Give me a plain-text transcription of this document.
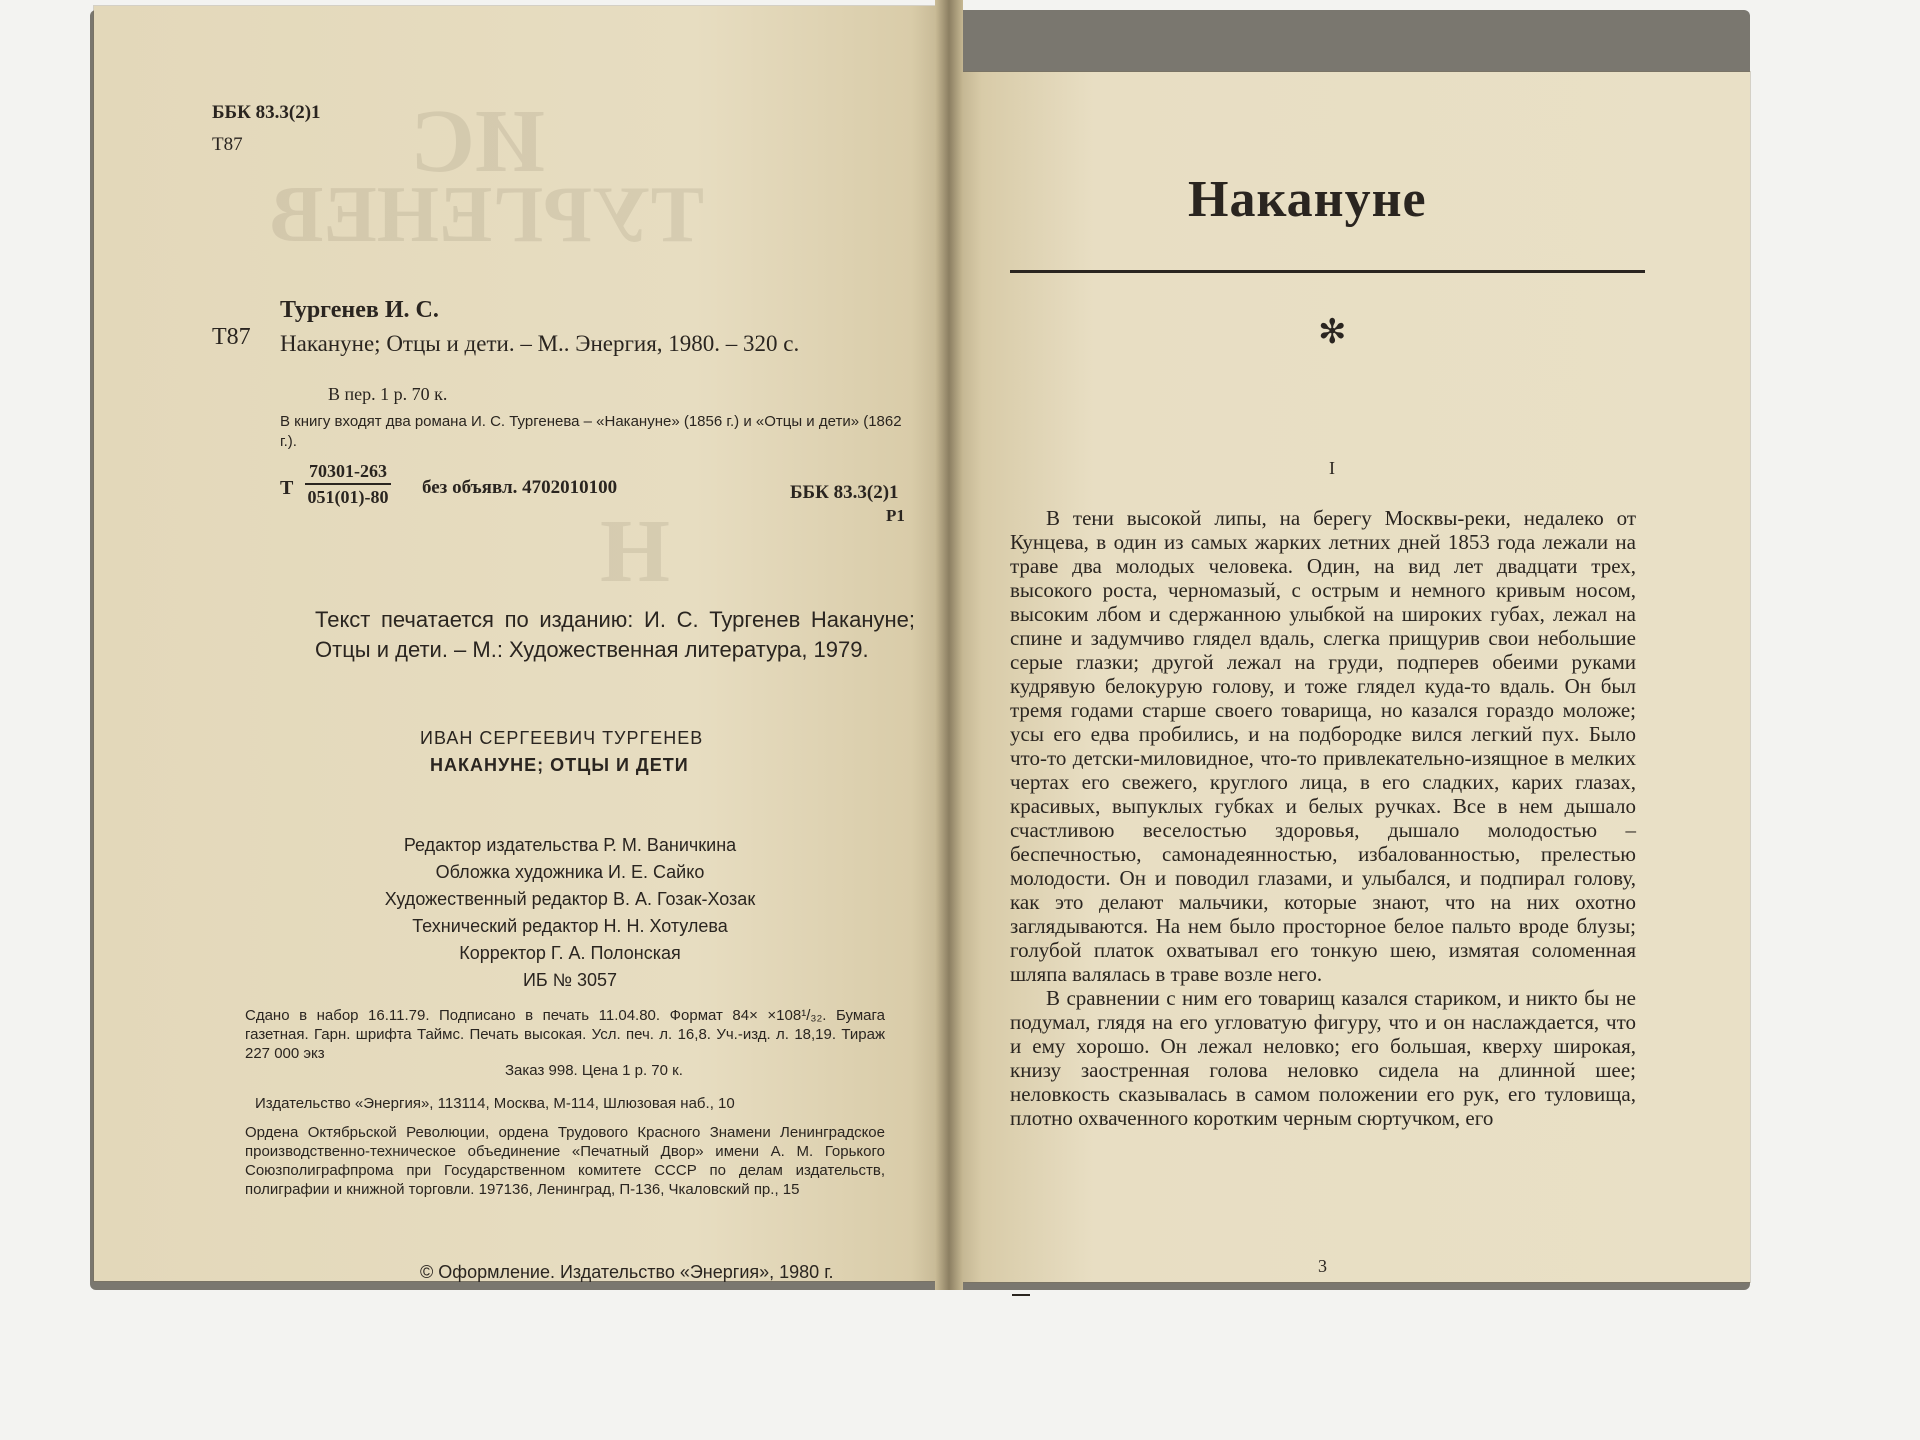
ИС
ТУРГЕНЕВ
Н
ББК 83.3(2)1
Т87
Тургенев И. С.
Т87 Накануне; Отцы и дети. – М.. Энергия, 1980. – 320 с.
В пер. 1 р. 70 к.
В книгу входят два романа И. С. Тургенева – «Накануне» (1856 г.) и «Отцы и дети» (1862 г.).
Т $\frac{70301-263}{051(01)-80}$ без объявл. 4702010100	ББК 83.3(2)1
Р1
Текст печатается по изданию: И. С. Тургенев Накануне; Отцы и дети. – М.: Художественная литература, 1979.
ИВАН СЕРГЕЕВИЧ ТУРГЕНЕВ
НАКАНУНЕ; ОТЦЫ И ДЕТИ
Редактор издательства Р. М. Ваничкина
Обложка художника И. Е. Сайко
Художественный редактор В. А. Гозак-Хозак
Технический редактор Н. Н. Хотулева
Корректор Г. А. Полонская
ИБ № 3057
Сдано в набор 16.11.79. Подписано в печать 11.04.80. Формат 84× ×108¹/₃₂. Бумага газетная. Гарн. шрифта Таймс. Печать высокая. Усл. печ. л. 16,8. Уч.-изд. л. 18,19. Тираж 227 000 экз
Заказ 998. Цена 1 р. 70 к.
Издательство «Энергия», 113114, Москва, М-114, Шлюзовая наб., 10
Ордена Октябрьской Революции, ордена Трудового Красного Знамени Ленинградское производственно-техническое объединение «Печатный Двор» имени А. М. Горького Союзполиграфпрома при Государственном комитете СССР по делам издательств, полиграфии и книжной торговли. 197136, Ленинград, П-136, Чкаловский пр., 15
© Оформление. Издательство «Энергия», 1980 г.
Накануне
✻
I

В тени высокой липы, на берегу Москвы-реки, недалеко от Кунцева, в один из самых жарких летних дней 1853 года лежали на траве два молодых человека. Один, на вид лет двадцати трех, высокого роста, черномазый, с острым и немного кривым носом, высоким лбом и сдержанною улыбкой на широких губах, лежал на спине и задумчиво глядел вдаль, слегка прищурив свои небольшие серые глазки; другой лежал на груди, подперев обеими руками кудрявую белокурую голову, и тоже глядел куда-то вдаль. Он был тремя годами старше своего товарища, но казался гораздо моложе; усы его едва пробились, и на подбородке вился легкий пух. Было что-то детски-миловидное, что-то привлекательно-изящное в мелких чертах его свежего, круглого лица, в его сладких, карих глазах, красивых, выпуклых губках и белых ручках. Все в нем дышало счастливою веселостью здоровья, дышало молодостью – беспечностью, самонадеянностью, избалованностью, прелестью молодости. Он и поводил глазами, и улыбался, и подпирал голову, как это делают мальчики, которые знают, что на них охотно заглядываются. На нем было просторное белое пальто вроде блузы; голубой платок охватывал его тонкую шею, измятая соломенная шляпа валялась в траве возле него.

В сравнении с ним его товарищ казался стариком, и никто бы не подумал, глядя на его угловатую фигуру, что и он наслаждается, что и ему хорошо. Он лежал неловко; его большая, кверху широкая, книзу заостренная голова неловко сидела на длинной шее; неловкость сказывалась в самом положении его рук, его туловища, плотно охваченного коротким черным сюртучком, его

3
